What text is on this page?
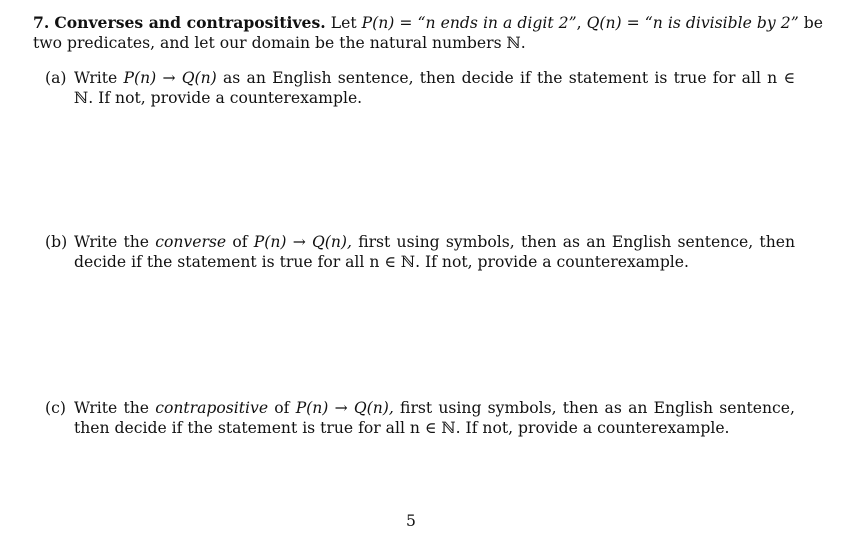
7. Converses and contrapositives. Let P(n) = “n ends in a digit 2”, Q(n) = “n is divisible by 2” be two predicates, and let our domain be the natural numbers ℕ.
(a) Write P(n) → Q(n) as an English sentence, then decide if the statement is true for all n ∈ ℕ. If not, provide a counterexample.
(b) Write the converse of P(n) → Q(n), first using symbols, then as an English sentence, then decide if the statement is true for all n ∈ ℕ. If not, provide a counterexample.
(c) Write the contrapositive of P(n) → Q(n), first using symbols, then as an English sentence, then decide if the statement is true for all n ∈ ℕ. If not, provide a counterexample.
5
